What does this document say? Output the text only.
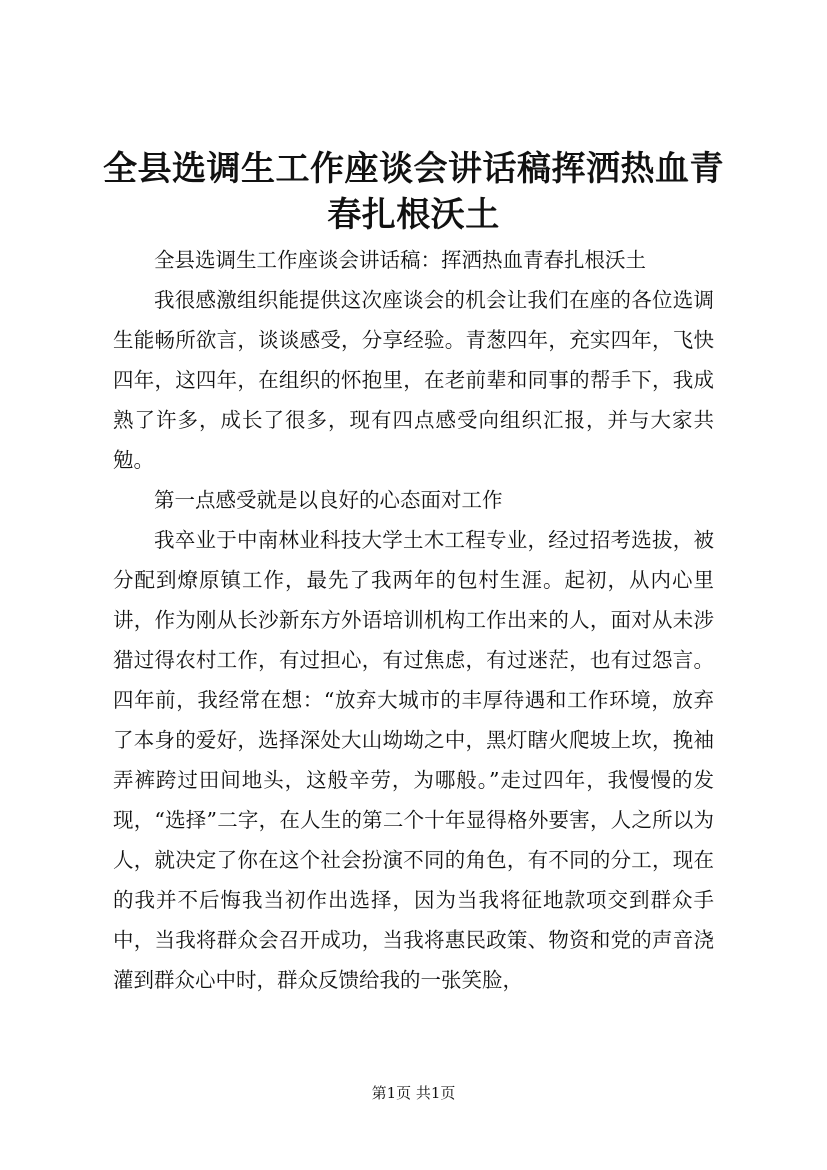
全县选调生工作座谈会讲话稿挥洒热血青春扎根沃土

全县选调生工作座谈会讲话稿：挥洒热血青春扎根沃土

我很感激组织能提供这次座谈会的机会让我们在座的各位选调生能畅所欲言，谈谈感受，分享经验。青葱四年，充实四年，飞快四年，这四年，在组织的怀抱里，在老前辈和同事的帮手下，我成熟了许多，成长了很多，现有四点感受向组织汇报，并与大家共勉。

第一点感受就是以良好的心态面对工作

我卒业于中南林业科技大学土木工程专业，经过招考选拔，被分配到燎原镇工作，最先了我两年的包村生涯。起初，从内心里讲，作为刚从长沙新东方外语培训机构工作出来的人，面对从未涉猎过得农村工作，有过担心，有过焦虑，有过迷茫，也有过怨言。四年前，我经常在想：“放弃大城市的丰厚待遇和工作环境，放弃了本身的爱好，选择深处大山坳坳之中，黑灯瞎火爬坡上坎，挽袖弄裤跨过田间地头，这般辛劳，为哪般。”走过四年，我慢慢的发现，“选择”二字，在人生的第二个十年显得格外要害，人之所以为人，就决定了你在这个社会扮演不同的角色，有不同的分工，现在的我并不后悔我当初作出选择，因为当我将征地款项交到群众手中，当我将群众会召开成功，当我将惠民政策、物资和党的声音浇灌到群众心中时，群众反馈给我的一张笑脸，

第1页 共1页
